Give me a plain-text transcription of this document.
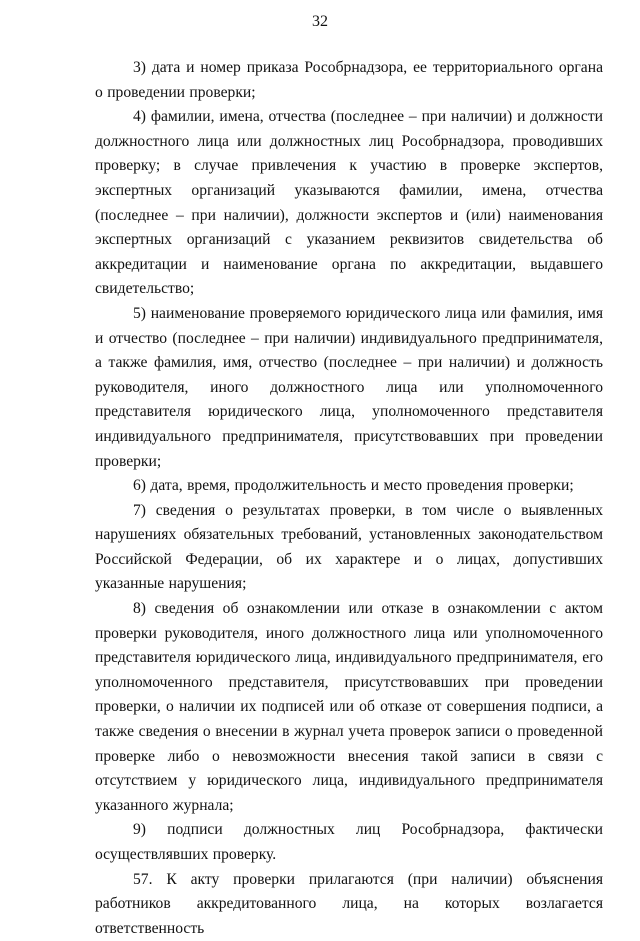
32

3) дата и номер приказа Рособрнадзора, ее территориального органа о проведении проверки;

4) фамилии, имена, отчества (последнее – при наличии) и должности должностного лица или должностных лиц Рособрнадзора, проводивших проверку; в случае привлечения к участию в проверке экспертов, экспертных организаций указываются фамилии, имена, отчества (последнее – при наличии), должности экспертов и (или) наименования экспертных организаций с указанием реквизитов свидетельства об аккредитации и наименование органа по аккредитации, выдавшего свидетельство;

5) наименование проверяемого юридического лица или фамилия, имя и отчество (последнее – при наличии) индивидуального предпринимателя, а также фамилия, имя, отчество (последнее – при наличии) и должность руководителя, иного должностного лица или уполномоченного представителя юридического лица, уполномоченного представителя индивидуального предпринимателя, присутствовавших при проведении проверки;

6) дата, время, продолжительность и место проведения проверки;

7) сведения о результатах проверки, в том числе о выявленных нарушениях обязательных требований, установленных законодательством Российской Федерации, об их характере и о лицах, допустивших указанные нарушения;

8) сведения об ознакомлении или отказе в ознакомлении с актом проверки руководителя, иного должностного лица или уполномоченного представителя юридического лица, индивидуального предпринимателя, его уполномоченного представителя, присутствовавших при проведении проверки, о наличии их подписей или об отказе от совершения подписи, а также сведения о внесении в журнал учета проверок записи о проведенной проверке либо о невозможности внесения такой записи в связи с отсутствием у юридического лица, индивидуального предпринимателя указанного журнала;

9) подписи должностных лиц Рособрнадзора, фактически осуществлявших проверку.

57. К акту проверки прилагаются (при наличии) объяснения работников аккредитованного лица, на которых возлагается ответственность
